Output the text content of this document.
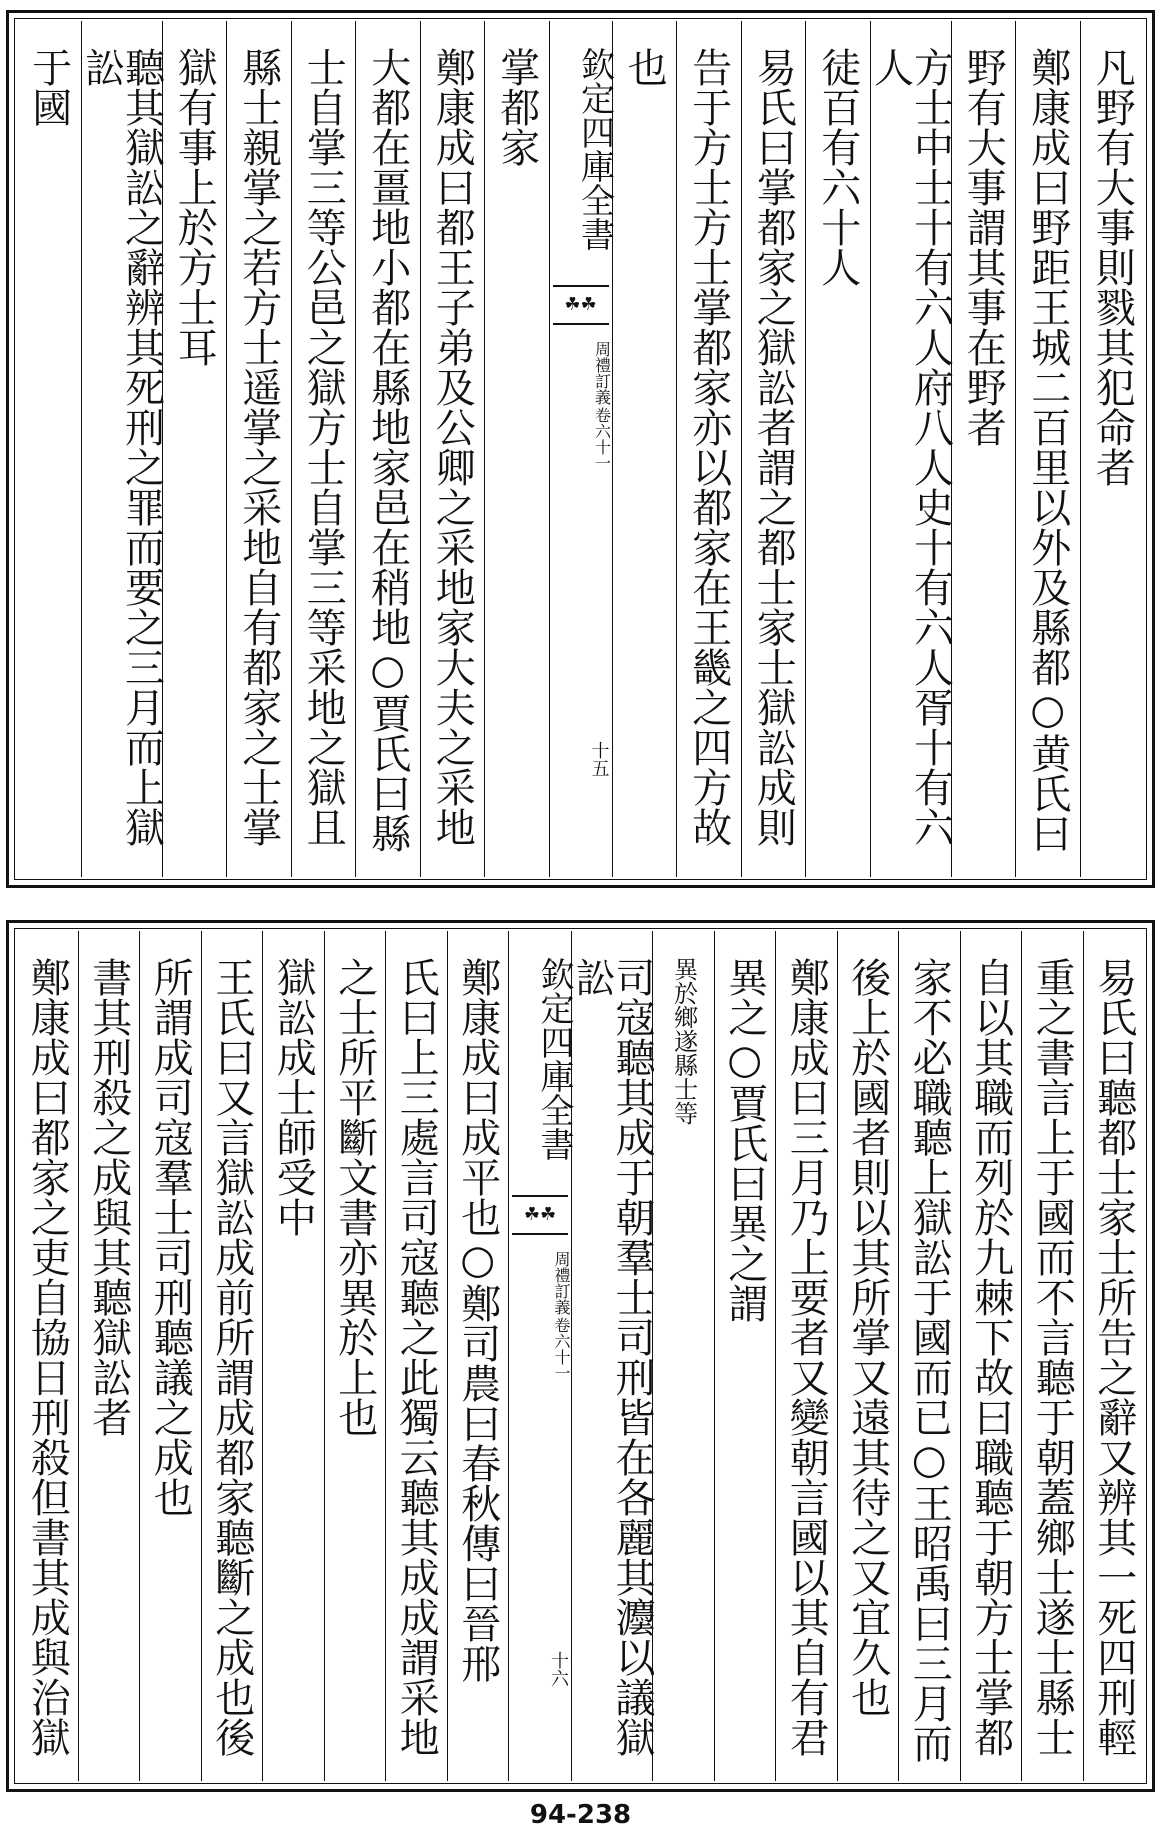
凡野有大事則戮其犯命者
鄭康成曰野距王城二百里以外及縣都○黄氏曰
野有大事謂其事在野者
方士中士十有六人府八人史十有六人胥十有六人
徒百有六十人
易氏曰掌都家之獄訟者謂之都士家士獄訟成則
告于方士方士掌都家亦以都家在王畿之四方故
也
欽定四庫全書
☘☘
周禮訂義
卷六十一
十五
掌都家
鄭康成曰都王子弟及公卿之采地家大夫之采地
大都在畺地小都在縣地家邑在稍地○賈氏曰縣
士自掌三等公邑之獄方士自掌三等采地之獄且
縣士親掌之若方士遥掌之采地自有都家之士掌
獄有事上於方士耳
聽其獄訟之辭辨其死刑之罪而要之三月而上獄訟
于國
易氏曰聽都士家士所告之辭又辨其一死四刑輕
重之書言上于國而不言聽于朝蓋鄉士遂士縣士
自以其職而列於九棘下故曰職聽于朝方士掌都
家不必職聽上獄訟于國而已○王昭禹曰三月而
後上於國者則以其所掌又遠其待之又宜久也
鄭康成曰三月乃上要者又變朝言國以其自有君
異之○賈氏曰異之謂
異於鄉遂縣士等
司寇聽其成于朝羣士司刑皆在各麗其灋以議獄訟
欽定四庫全書
☘☘
周禮訂義
卷六十一
十六
鄭康成曰成平也○鄭司農曰春秋傳曰晉邢
氏曰上三處言司寇聽之此獨云聽其成成謂采地
之士所平斷文書亦異於上也
獄訟成士師受中
王氏曰又言獄訟成前所謂成都家聽斷之成也後
所謂成司寇羣士司刑聽議之成也
書其刑殺之成與其聽獄訟者
鄭康成曰都家之吏自協日刑殺但書其成與治獄
94-238
